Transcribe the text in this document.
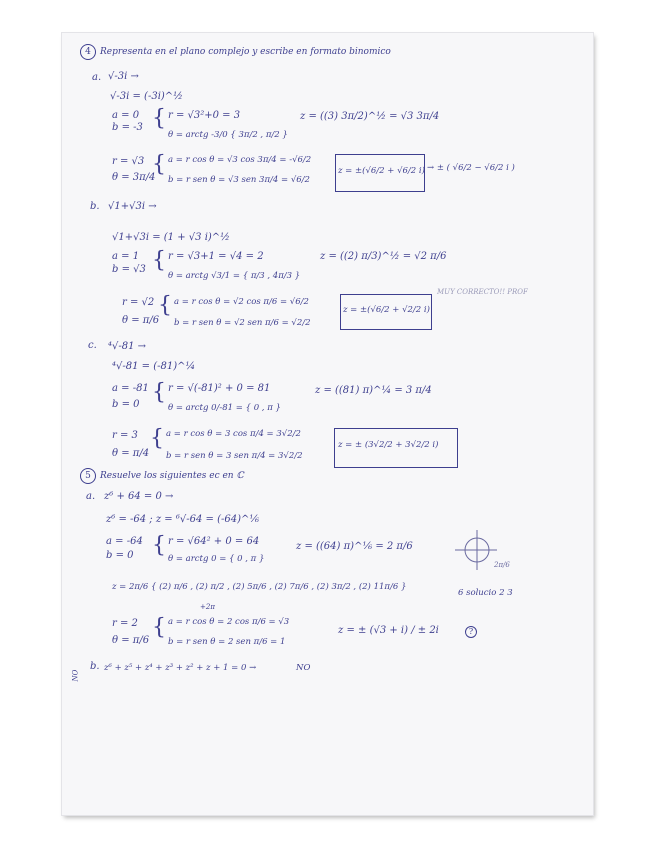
4	Representa en el plano complejo y escribe en formato binomico
a. √-3i →
√-3i = (-3i)^½
a = 0
b = -3 { r = √3²+0 = 3
θ = arctg -3/0 { 3π/2 , π/2 }
z = ((3) 3π/2)^½ = √3 3π/4
r = √3
θ = 3π/4
{ a = r cos θ = √3 cos 3π/4 = -√6/2
b = r sen θ = √3 sen 3π/4 = √6/2
z = ±(√6/2 + √6/2 i) → ± ( √6/2 − √6/2 i )
b. √1+√3i →
√1+√3i = (1 + √3 i)^½
a = 1
b = √3 { r = √3+1 = √4 = 2
θ = arctg √3/1 = { π/3 , 4π/3 }
z = ((2) π/3)^½ = √2 π/6
r = √2
θ = π/6
{ a = r cos θ = √2 cos π/6 = √6/2
b = r sen θ = √2 sen π/6 = √2/2
z = ±(√6/2 + √2/2 i)
MUY CORRECTO!! PROF
c. ⁴√-81 →
⁴√-81 = (-81)^¼
a = -81
b = 0 { r = √(-81)² + 0 = 81
θ = arctg 0/-81 = { 0 , π }
z = ((81) π)^¼ = 3 π/4
r = 3
θ = π/4
{ a = r cos θ = 3 cos π/4 = 3√2/2
b = r sen θ = 3 sen π/4 = 3√2/2
z = ± (3√2/2 + 3√2/2 i)
5	Resuelve los siguientes ec en ℂ
a. z⁶ + 64 = 0 →
z⁶ = -64 ; z = ⁶√-64 = (-64)^⅙
a = -64
b = 0 { r = √64² + 0 = 64
θ = arctg 0 = { 0 , π }
z = ((64) π)^⅙ = 2 π/6
2π/6
z = 2π/6 { (2) π/6 , (2) π/2 , (2) 5π/6 , (2) 7π/6 , (2) 3π/2 , (2) 11π/6 }
+2π
6 solucio 2 3
r = 2
θ = π/6
{ a = r cos θ = 2 cos π/6 = √3
b = r sen θ = 2 sen π/6 = 1
z = ± (√3 + i) / ± 2i	?
b. z⁶ + z⁵ + z⁴ + z³ + z² + z + 1 = 0 →	NO
NO
